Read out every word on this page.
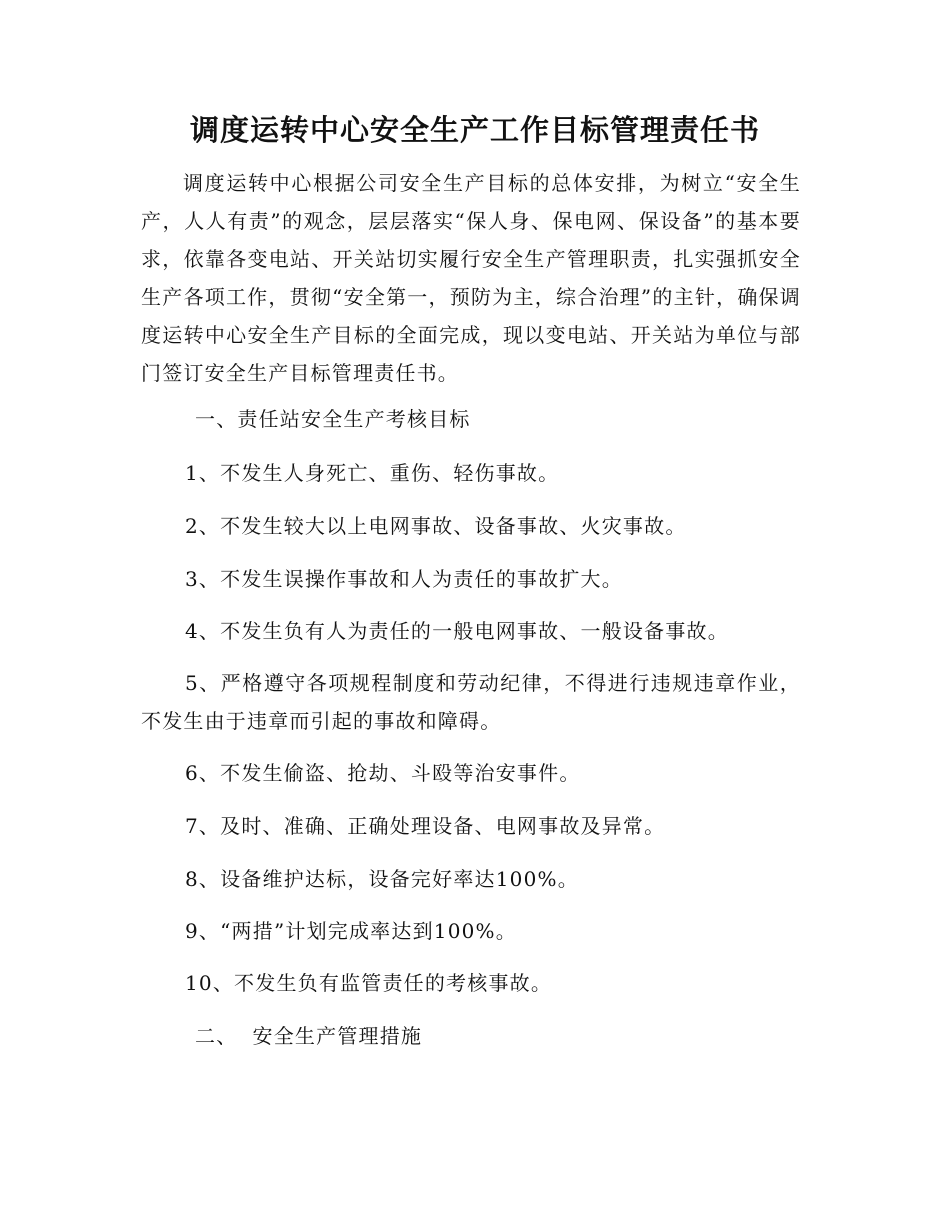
调度运转中心安全生产工作目标管理责任书

调度运转中心根据公司安全生产目标的总体安排，为树立“安全生产，人人有责”的观念，层层落实“保人身、保电网、保设备”的基本要求，依靠各变电站、开关站切实履行安全生产管理职责，扎实强抓安全生产各项工作，贯彻“安全第一，预防为主，综合治理”的主针，确保调度运转中心安全生产目标的全面完成，现以变电站、开关站为单位与部门签订安全生产目标管理责任书。

一、责任站安全生产考核目标

1、不发生人身死亡、重伤、轻伤事故。

2、不发生较大以上电网事故、设备事故、火灾事故。

3、不发生误操作事故和人为责任的事故扩大。

4、不发生负有人为责任的一般电网事故、一般设备事故。

5、严格遵守各项规程制度和劳动纪律，不得进行违规违章作业，不发生由于违章而引起的事故和障碍。

6、不发生偷盗、抢劫、斗殴等治安事件。

7、及时、准确、正确处理设备、电网事故及异常。

8、设备维护达标，设备完好率达100%。

9、“两措”计划完成率达到100%。

10、不发生负有监管责任的考核事故。

二、  安全生产管理措施
